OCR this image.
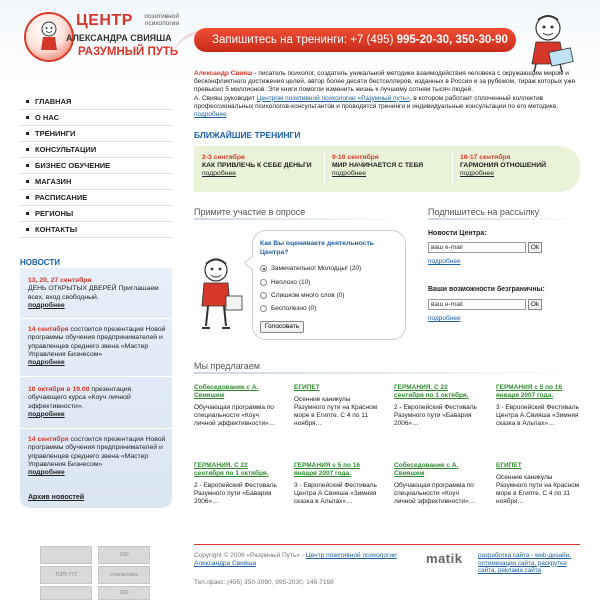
ЦЕНТР	позитивной психологии
АЛЕКСАНДРА СВИЯША
РАЗУМНЫЙ ПУТЬ
Запишитесь на тренинги: +7 (495) 995-20-30, 350-30-90
ГЛАВНАЯ
О НАС
ТРЕНИНГИ
КОНСУЛЬТАЦИИ
БИЗНЕС ОБУЧЕНИЕ
МАГАЗИН
РАСПИСАНИЕ
РЕГИОНЫ
КОНТАКТЫ
НОВОСТИ
13, 20, 27 сентября
ДЕНЬ ОТКРЫТЫХ ДВЕРЕЙ Приглашаем всех, вход свободный.
подробнее
14 сентября состоится презентация Новой программы обучения предпринимателей и управленцев среднего звена «Мастер Управления Бизнесом»
подробнее
10 октября в 19.00 презентация обучающего курса «Коуч личной эффективности».
подробнее
14 сентября состоится презентация Новой программы обучения предпринимателей и управленцев среднего звена «Мастер Управления Бизнесом»
подробнее
Архив новостей
100
ТОП-777	статистика
100
Александр Свияш - писатель психолог, создатель уникальной методики взаимодействия человека с окружающим миром и бесконфликтного достижения целей, автор более десяти бестселлеров, изданных в России и за рубежом, тираж которых уже превысил 5 миллионов. Эти книги помогли изменить жизнь к лучшему сотням тысяч людей.
А. Свияш руководит Центром позитивной психологии «Разумный путь», в котором работает сплоченный коллектив профессиональных психологов-консультантов и проводятся тренинги и индивидуальные консультации по его методике.
подробнее
БЛИЖАЙШИЕ ТРЕНИНГИ
2-3 сентября
КАК ПРИВЛЕЧЬ К СЕБЕ ДЕНЬГИ
подробнее
9-10 сентября
МИР НАЧИНАЕТСЯ С ТЕБЯ
подробнее
16-17 сентября
ГАРМОНИЯ ОТНОШЕНИЙ
подробнее
Примите участие в опросе
Как Вы оцениваете деятельность Центра?
Замечательно! Молодцы! (20)
Неплохо (10)
Слишком много слов (0)
Бесполезно (0)
Голосовать
Подпишитесь на рассылку
Новости Центра:
ваш e-mail
Ok
подробнее
Ваши возможности безграничны:
ваш e-mail
Ok
подробнее
Мы предлагаем
Собеседование с А. Свияшем
Обучающая программа по специальности «Коуч личной эффективности»…
ЕГИПЕТ
Осенние каникулы Разумного пути на Красном море в Египте. С 4 по 11 ноября…
ГЕРМАНИЯ. С 22 сентября по 1 октября.
2 - Европейский Фестиваль Разумного пути «Бавария 2006»…
ГЕРМАНИЯ с 5 по 16 января 2007 года.
3 - Европейский Фестиваль Центра А.Свияша «Зимняя сказка в Альпах»…
ГЕРМАНИЯ. С 22 сентября по 1 октября.
2 - Европейский Фестиваль Разумного пути «Бавария 2006»…
ГЕРМАНИЯ с 5 по 16 января 2007 года.
3 - Европейский Фестиваль Центра А.Свияша «Зимняя сказка в Альпах»…
Собеседование с А. Свияшем
Обучающая программа по специальности «Коуч личной эффективности»…
ЕГИПЕТ
Осенние каникулы Разумного пути на Красном море в Египте. С 4 по 11 ноября…
Copyright © 2006 «Разумный Путь» - Центр позитивной психологии Александра Свияша
Тел./факс: (495) 350-3090, 995-2030, 148-7198
matik разработка сайта - web-дизайн, оптимизация сайта, раскрутка сайта, реклама сайта
